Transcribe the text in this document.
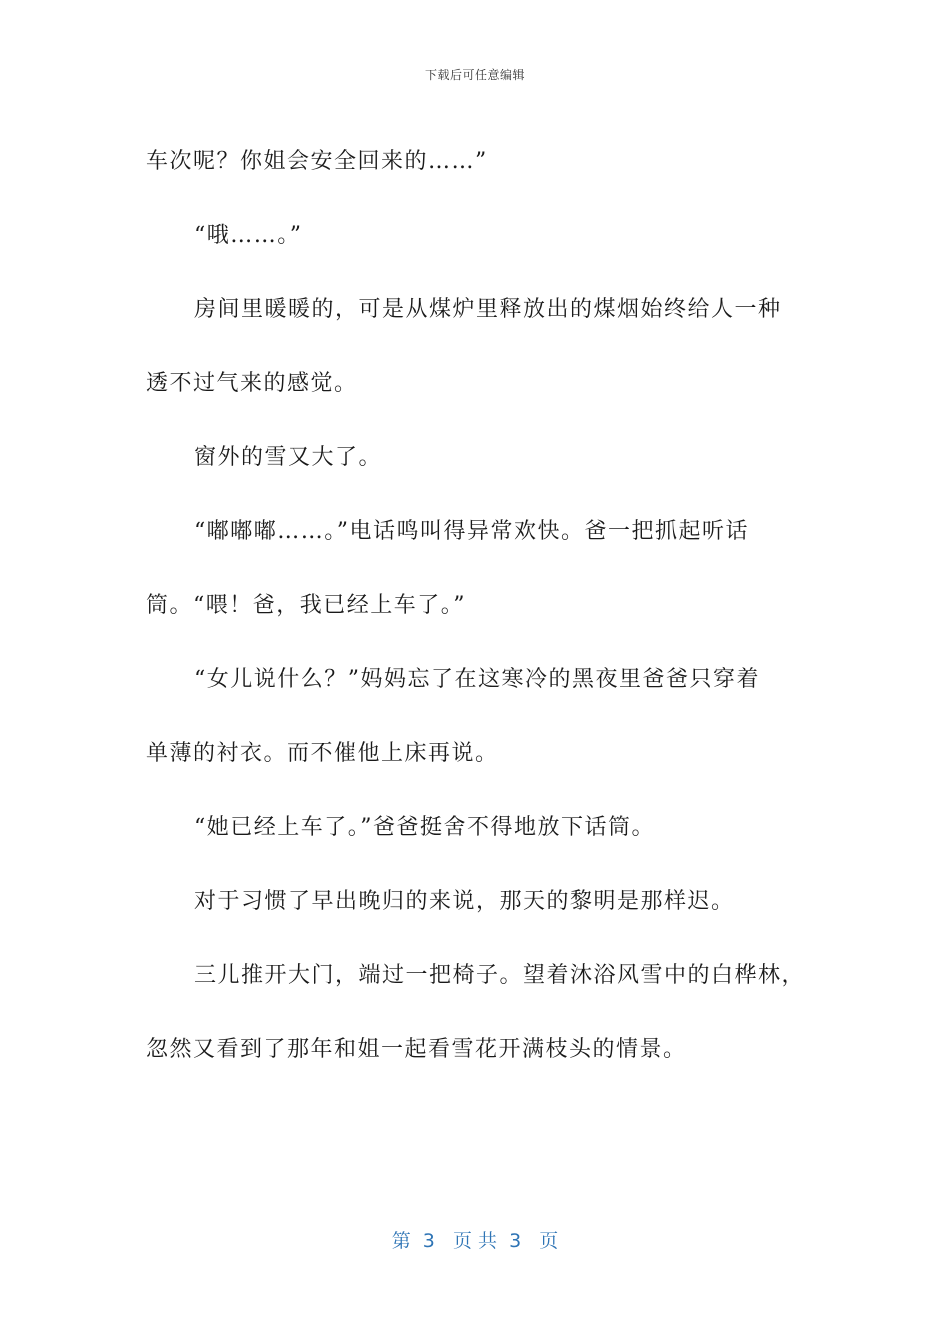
下载后可任意编辑

车次呢？你姐会安全回来的……”

“哦……。”

房间里暖暖的，可是从煤炉里释放出的煤烟始终给人一种

透不过气来的感觉。

窗外的雪又大了。

“嘟嘟嘟……。”电话鸣叫得异常欢快。爸一把抓起听话

筒。“喂！爸，我已经上车了。”

“女儿说什么？”妈妈忘了在这寒冷的黑夜里爸爸只穿着

单薄的衬衣。而不催他上床再说。

“她已经上车了。”爸爸挺舍不得地放下话筒。

对于习惯了早出晚归的来说，那天的黎明是那样迟。

三儿推开大门，端过一把椅子。望着沐浴风雪中的白桦林，

忽然又看到了那年和姐一起看雪花开满枝头的情景。

第  3   页 共  3   页
